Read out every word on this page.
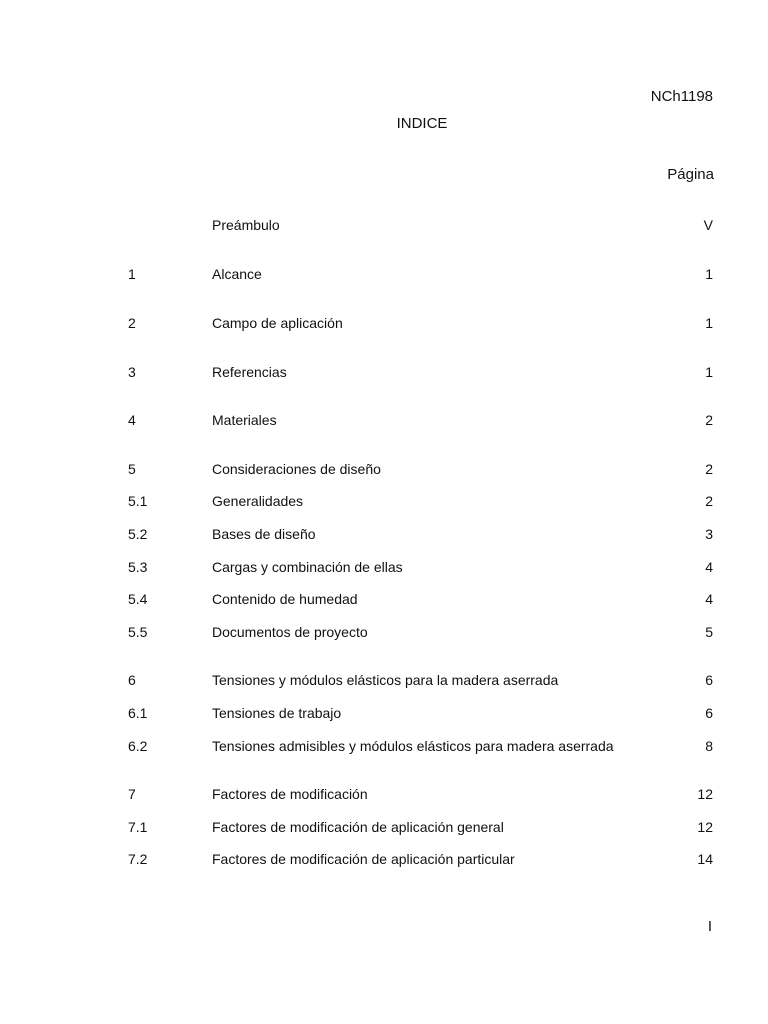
NCh1198
INDICE
Página
Preámbulo	V
1	Alcance	1
2	Campo de aplicación	1
3	Referencias	1
4	Materiales	2
5	Consideraciones de diseño	2
5.1	Generalidades	2
5.2	Bases de diseño	3
5.3	Cargas y combinación de ellas	4
5.4	Contenido de humedad	4
5.5	Documentos de proyecto	5
6	Tensiones y módulos elásticos para la madera aserrada	6
6.1	Tensiones de trabajo	6
6.2	Tensiones admisibles y módulos elásticos para madera aserrada	8
7	Factores de modificación	12
7.1	Factores de modificación de aplicación general	12
7.2	Factores de modificación de aplicación particular	14
I
